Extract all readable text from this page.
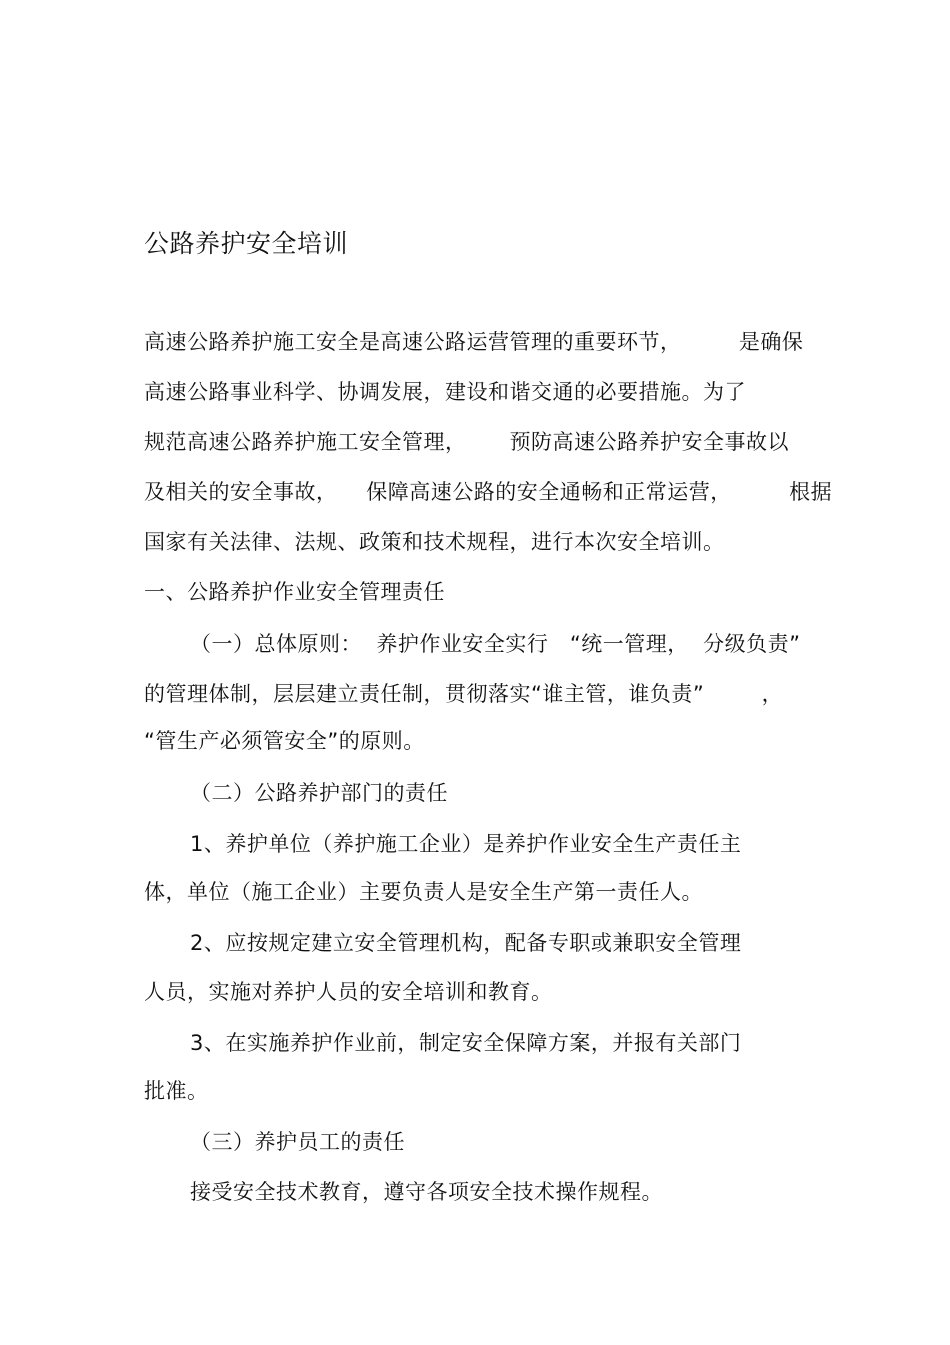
公路养护安全培训
高速公路养护施工安全是高速公路运营管理的重要环节，        是确保
高速公路事业科学、协调发展，建设和谐交通的必要措施。为了
规范高速公路养护施工安全管理，      预防高速公路养护安全事故以
及相关的安全事故，    保障高速公路的安全通畅和正常运营，        根据
国家有关法律、法规、政策和技术规程，进行本次安全培训。
一、公路养护作业安全管理责任
（一）总体原则：  养护作业安全实行   “统一管理，  分级负责”
的管理体制，层层建立责任制，贯彻落实“谁主管，谁负责”        ，
“管生产必须管安全”的原则。
（二）公路养护部门的责任
1、养护单位（养护施工企业）是养护作业安全生产责任主
体，单位（施工企业）主要负责人是安全生产第一责任人。
2、应按规定建立安全管理机构，配备专职或兼职安全管理
人员，实施对养护人员的安全培训和教育。
3、在实施养护作业前，制定安全保障方案，并报有关部门
批准。
（三）养护员工的责任
接受安全技术教育，遵守各项安全技术操作规程。
